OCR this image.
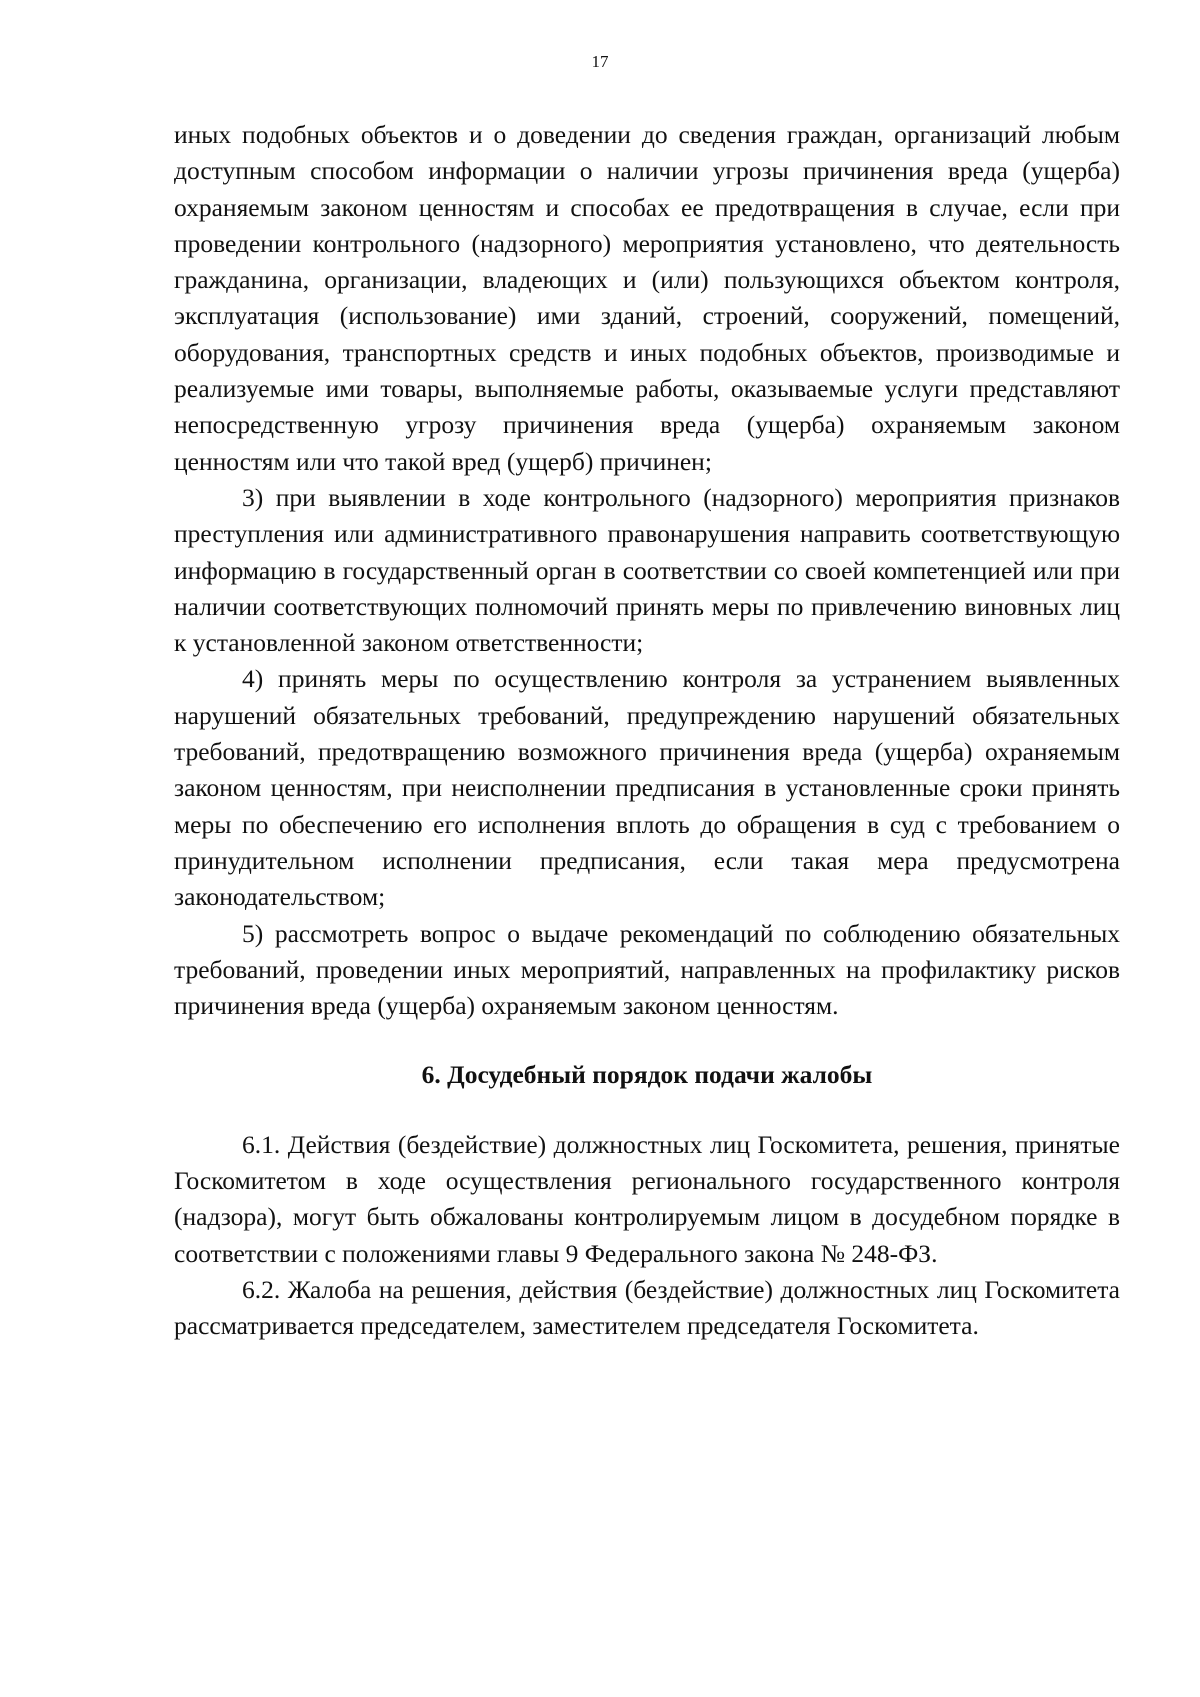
17

иных подобных объектов и о доведении до сведения граждан, организаций любым доступным способом информации о наличии угрозы причинения вреда (ущерба) охраняемым законом ценностям и способах ее предотвращения в случае, если при проведении контрольного (надзорного) мероприятия установлено, что деятельность гражданина, организации, владеющих и (или) пользующихся объектом контроля, эксплуатация (использование) ими зданий, строений, сооружений, помещений, оборудования, транспортных средств и иных подобных объектов, производимые и реализуемые ими товары, выполняемые работы, оказываемые услуги представляют непосредственную угрозу причинения вреда (ущерба) охраняемым законом ценностям или что такой вред (ущерб) причинен;

3) при выявлении в ходе контрольного (надзорного) мероприятия признаков преступления или административного правонарушения направить соответствующую информацию в государственный орган в соответствии со своей компетенцией или при наличии соответствующих полномочий принять меры по привлечению виновных лиц к установленной законом ответственности;

4) принять меры по осуществлению контроля за устранением выявленных нарушений обязательных требований, предупреждению нарушений обязательных требований, предотвращению возможного причинения вреда (ущерба) охраняемым законом ценностям, при неисполнении предписания в установленные сроки принять меры по обеспечению его исполнения вплоть до обращения в суд с требованием о принудительном исполнении предписания, если такая мера предусмотрена законодательством;

5) рассмотреть вопрос о выдаче рекомендаций по соблюдению обязательных требований, проведении иных мероприятий, направленных на профилактику рисков причинения вреда (ущерба) охраняемым законом ценностям.

6. Досудебный порядок подачи жалобы

6.1. Действия (бездействие) должностных лиц Госкомитета, решения, принятые Госкомитетом в ходе осуществления регионального государственного контроля (надзора), могут быть обжалованы контролируемым лицом в досудебном порядке в соответствии с положениями главы 9 Федерального закона № 248-ФЗ.

6.2. Жалоба на решения, действия (бездействие) должностных лиц Госкомитета рассматривается председателем, заместителем председателя Госкомитета.
